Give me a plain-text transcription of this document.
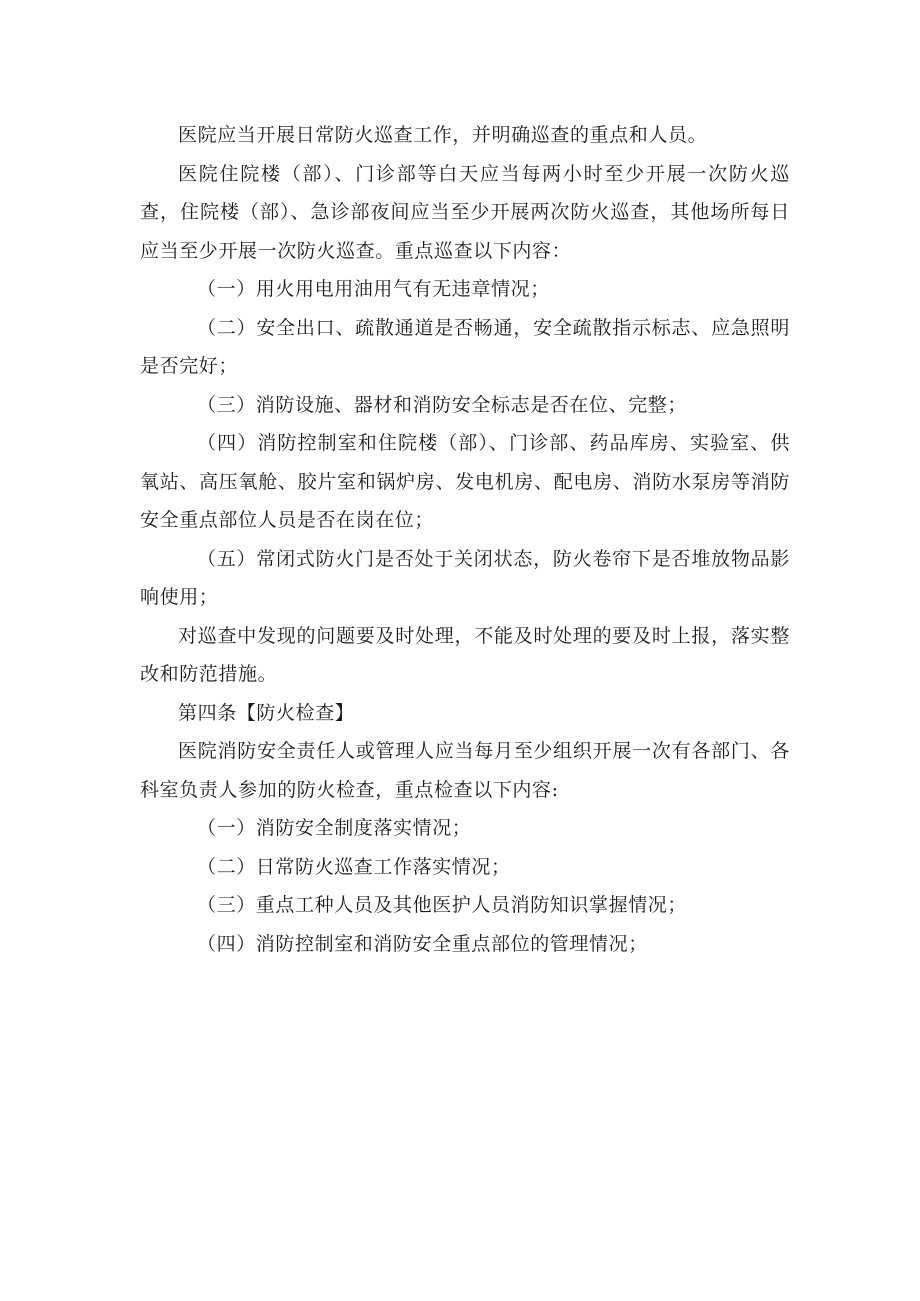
医院应当开展日常防火巡查工作，并明确巡查的重点和人员。

医院住院楼（部）、门诊部等白天应当每两小时至少开展一次防火巡查，住院楼（部）、急诊部夜间应当至少开展两次防火巡查，其他场所每日应当至少开展一次防火巡查。重点巡查以下内容：

（一）用火用电用油用气有无违章情况；

（二）安全出口、疏散通道是否畅通，安全疏散指示标志、应急照明是否完好；

（三）消防设施、器材和消防安全标志是否在位、完整；

（四）消防控制室和住院楼（部）、门诊部、药品库房、实验室、供氧站、高压氧舱、胶片室和锅炉房、发电机房、配电房、消防水泵房等消防安全重点部位人员是否在岗在位；

（五）常闭式防火门是否处于关闭状态，防火卷帘下是否堆放物品影响使用；

对巡查中发现的问题要及时处理，不能及时处理的要及时上报，落实整改和防范措施。

第四条【防火检查】

医院消防安全责任人或管理人应当每月至少组织开展一次有各部门、各科室负责人参加的防火检查，重点检查以下内容:

（一）消防安全制度落实情况；

（二）日常防火巡查工作落实情况；

（三）重点工种人员及其他医护人员消防知识掌握情况；

（四）消防控制室和消防安全重点部位的管理情况；
